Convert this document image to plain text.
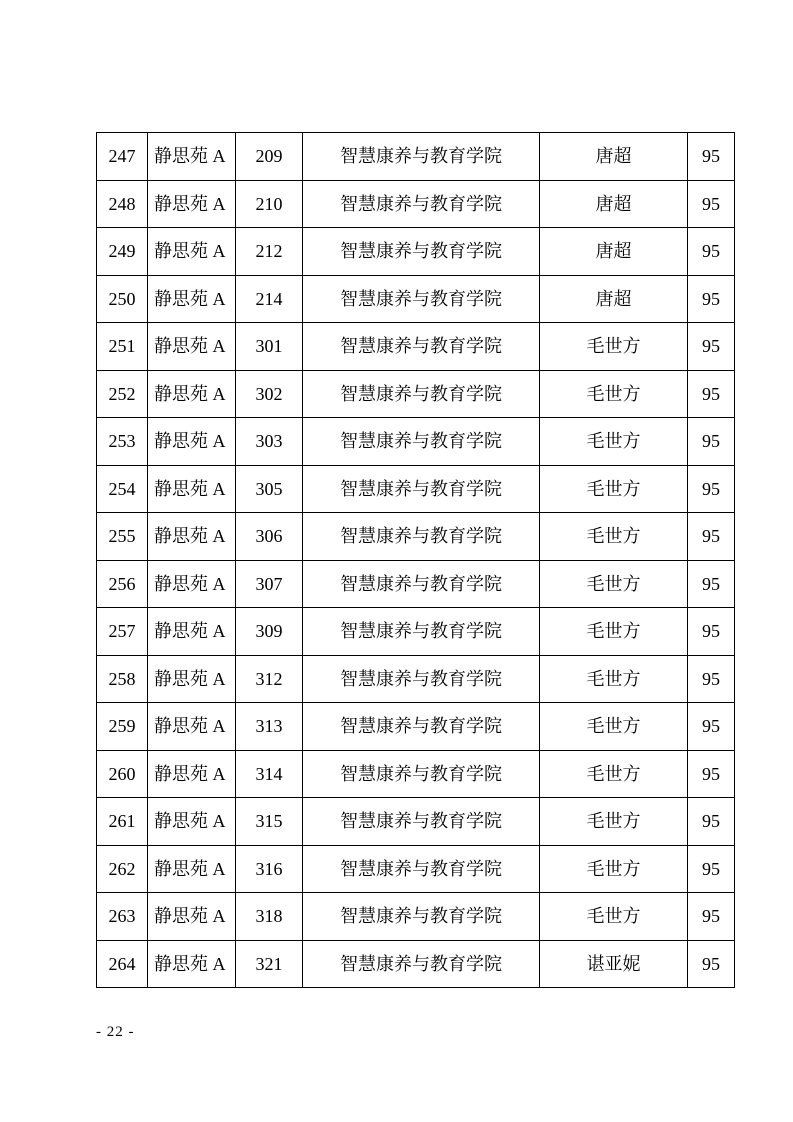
247	静思苑 A	209	智慧康养与教育学院	唐超	95
248	静思苑 A	210	智慧康养与教育学院	唐超	95
249	静思苑 A	212	智慧康养与教育学院	唐超	95
250	静思苑 A	214	智慧康养与教育学院	唐超	95
251	静思苑 A	301	智慧康养与教育学院	毛世方	95
252	静思苑 A	302	智慧康养与教育学院	毛世方	95
253	静思苑 A	303	智慧康养与教育学院	毛世方	95
254	静思苑 A	305	智慧康养与教育学院	毛世方	95
255	静思苑 A	306	智慧康养与教育学院	毛世方	95
256	静思苑 A	307	智慧康养与教育学院	毛世方	95
257	静思苑 A	309	智慧康养与教育学院	毛世方	95
258	静思苑 A	312	智慧康养与教育学院	毛世方	95
259	静思苑 A	313	智慧康养与教育学院	毛世方	95
260	静思苑 A	314	智慧康养与教育学院	毛世方	95
261	静思苑 A	315	智慧康养与教育学院	毛世方	95
262	静思苑 A	316	智慧康养与教育学院	毛世方	95
263	静思苑 A	318	智慧康养与教育学院	毛世方	95
264	静思苑 A	321	智慧康养与教育学院	谌亚妮	95
- 22 -
